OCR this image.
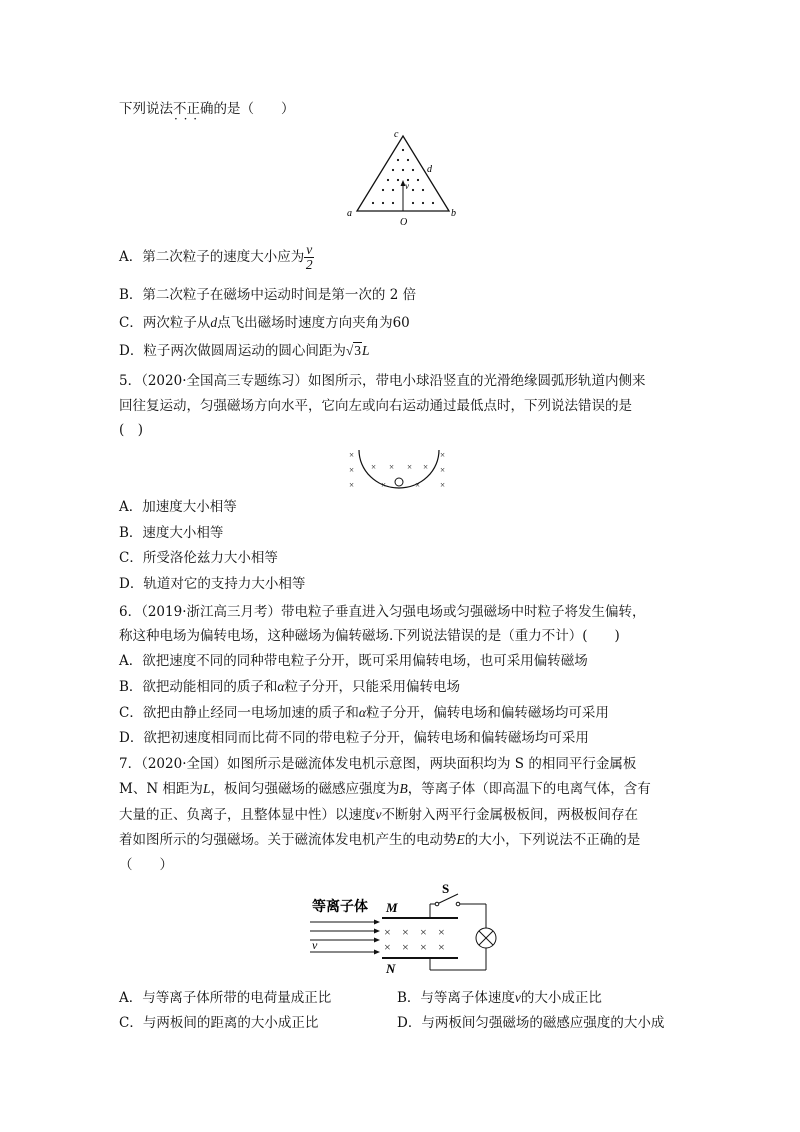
下列说法不正确 · · ·的是（　　）
c
d
v
a
O
b
A．第二次粒子的速度大小应为 $\frac{v}{2}$
B．第二次粒子在磁场中运动时间是第一次的 2 倍
C．两次粒子从d点飞出磁场时速度方向夹角为60
D．粒子两次做圆周运动的圆心间距为√3L
5．（2020·全国高三专题练习）如图所示，带电小球沿竖直的光滑绝缘圆弧形轨道内侧来
回往复运动，匀强磁场方向水平，它向左或向右运动通过最低点时，下列说法错误的是
(　)
×
×
×
×
×
×
× × × ×
×	×
A．加速度大小相等
B．速度大小相等
C．所受洛伦兹力大小相等
D．轨道对它的支持力大小相等
6．（2019·浙江高三月考）带电粒子垂直进入匀强电场或匀强磁场中时粒子将发生偏转，
称这种电场为偏转电场，这种磁场为偏转磁场.下列说法错误的是（重力不计）(　　)
A．欲把速度不同的同种带电粒子分开，既可采用偏转电场，也可采用偏转磁场
B．欲把动能相同的质子和α粒子分开，只能采用偏转电场
C．欲把由静止经同一电场加速的质子和α粒子分开，偏转电场和偏转磁场均可采用
D．欲把初速度相同而比荷不同的带电粒子分开，偏转电场和偏转磁场均可采用
7．（2020·全国）如图所示是磁流体发电机示意图，两块面积均为 S 的相同平行金属板
M、N 相距为L，板间匀强磁场的磁感应强度为B，等离子体（即高温下的电离气体，含有
大量的正、负离子，且整体显中性）以速度v不断射入两平行金属极板间，两极板间存在
着如图所示的匀强磁场。关于磁流体发电机产生的电动势E的大小，下列说法不正确的是
（　　）
等离子体
S
M
N
v
× × × ×
× × × ×
A．与等离子体所带的电荷量成正比	B．与等离子体速度v的大小成正比
C．与两板间的距离的大小成正比	D．与两板间匀强磁场的磁感应强度的大小成
